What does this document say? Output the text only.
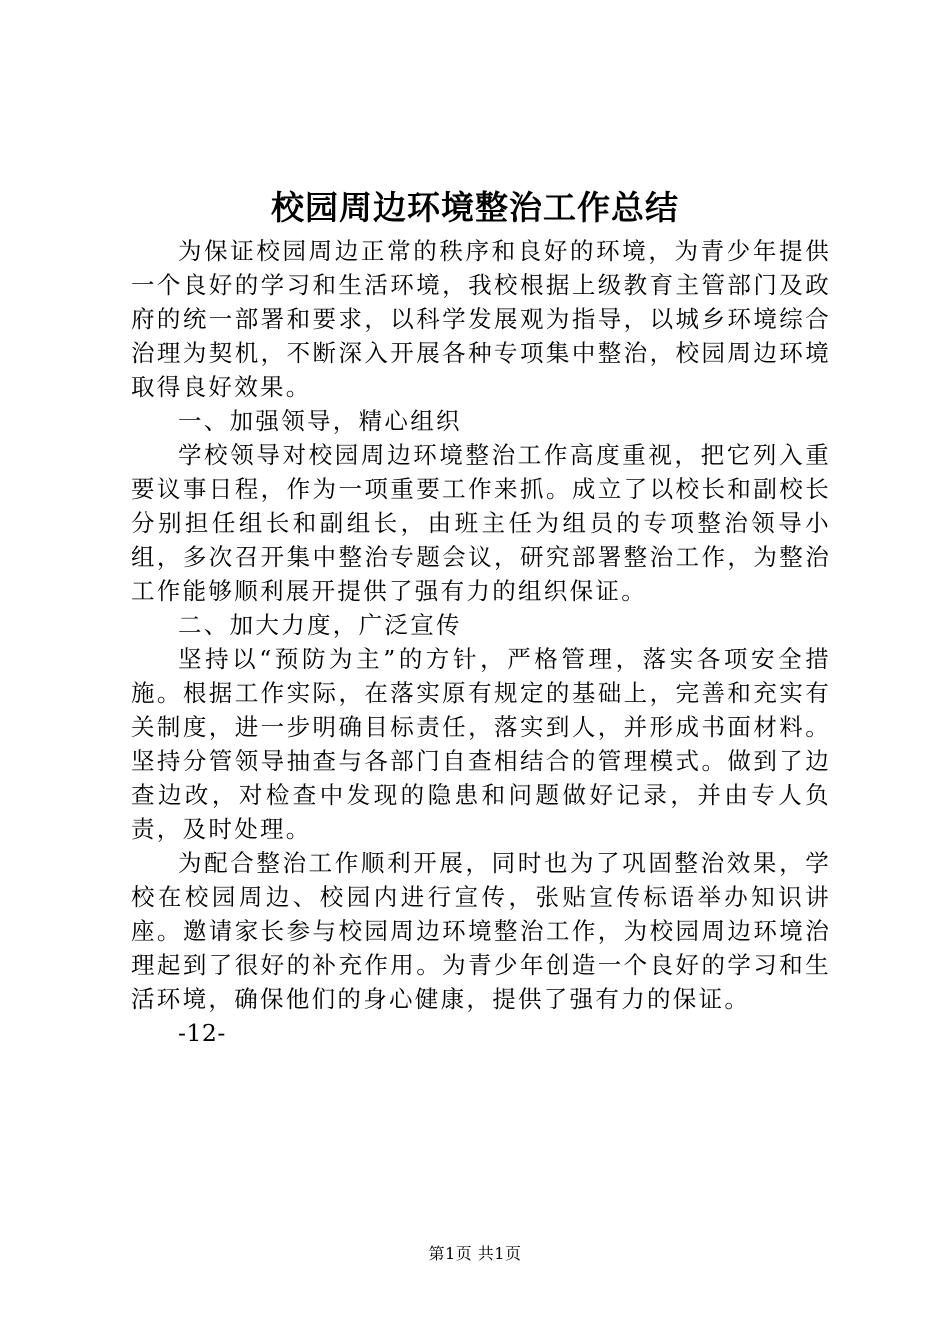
校园周边环境整治工作总结

为保证校园周边正常的秩序和良好的环境，为青少年提供一个良好的学习和生活环境，我校根据上级教育主管部门及政府的统一部署和要求，以科学发展观为指导，以城乡环境综合治理为契机，不断深入开展各种专项集中整治，校园周边环境取得良好效果。

一、加强领导，精心组织

学校领导对校园周边环境整治工作高度重视，把它列入重要议事日程，作为一项重要工作来抓。成立了以校长和副校长分别担任组长和副组长，由班主任为组员的专项整治领导小组，多次召开集中整治专题会议，研究部署整治工作，为整治工作能够顺利展开提供了强有力的组织保证。

二、加大力度，广泛宣传

坚持以“预防为主”的方针，严格管理，落实各项安全措施。根据工作实际，在落实原有规定的基础上，完善和充实有关制度，进一步明确目标责任，落实到人，并形成书面材料。坚持分管领导抽查与各部门自查相结合的管理模式。做到了边查边改，对检查中发现的隐患和问题做好记录，并由专人负责，及时处理。

为配合整治工作顺利开展，同时也为了巩固整治效果，学校在校园周边、校园内进行宣传，张贴宣传标语举办知识讲座。邀请家长参与校园周边环境整治工作，为校园周边环境治理起到了很好的补充作用。为青少年创造一个良好的学习和生活环境，确保他们的身心健康，提供了强有力的保证。

-12-

第1页 共1页
